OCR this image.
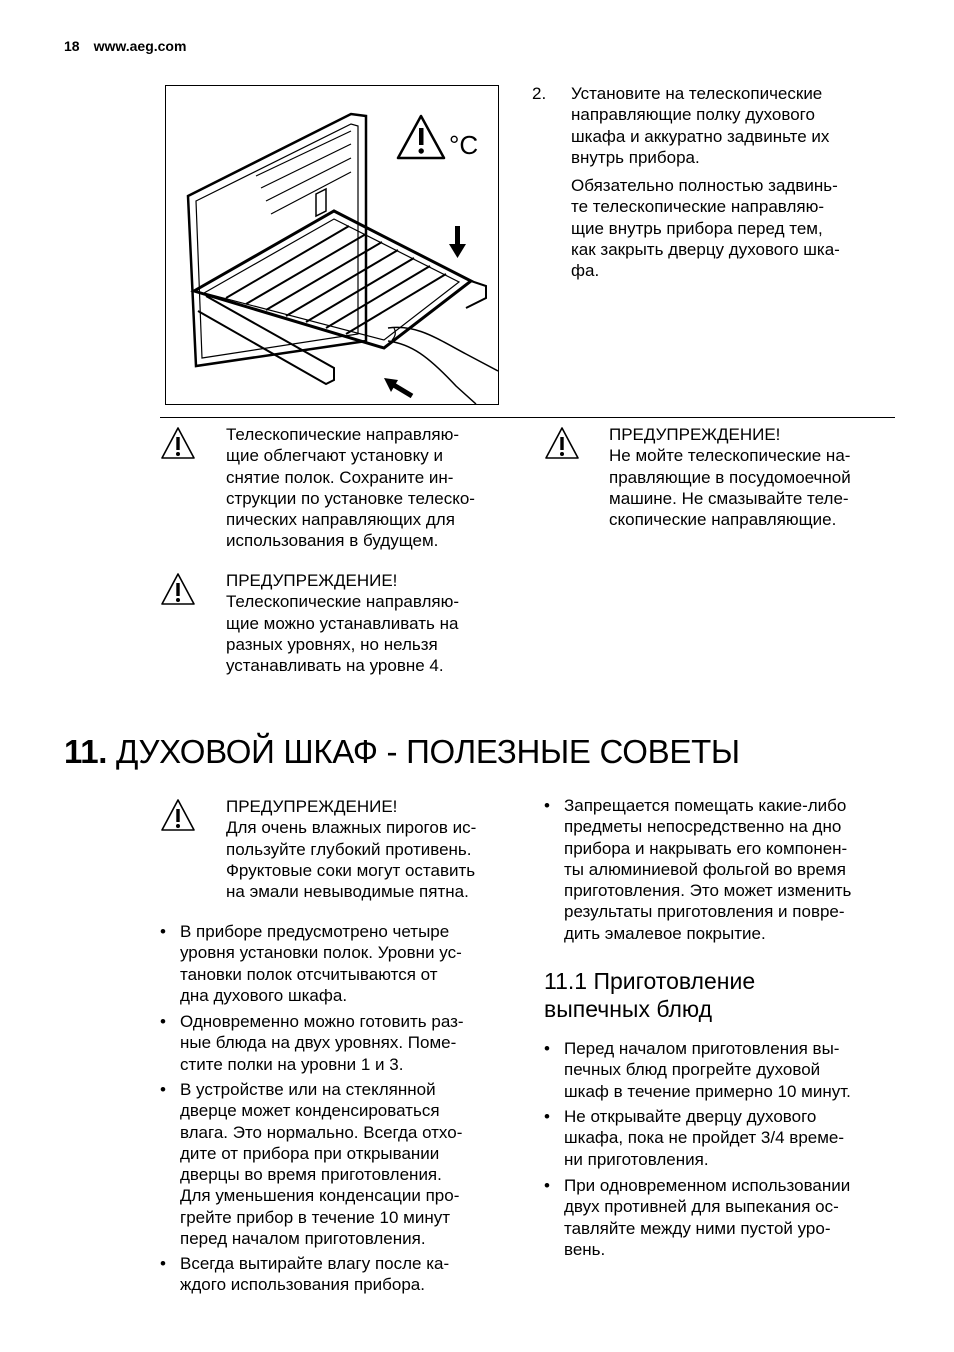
18 www.aeg.com
°C
2. Установите на телескопические
направляющие полку духового
шкафа и аккуратно задвиньте их
внутрь прибора.
Обязательно полностью задвинь-
те телескопические направляю-
щие внутрь прибора перед тем,
как закрыть дверцу духового шка-
фа.
Телескопические направляю-
щие облегчают установку и
снятие полок. Сохраните ин-
струкции по установке телеско-
пических направляющих для
использования в будущем.
ПРЕДУПРЕЖДЕНИЕ!
Телескопические направляю-
щие можно устанавливать на
разных уровнях, но нельзя
устанавливать на уровне 4.
ПРЕДУПРЕЖДЕНИЕ!
Не мойте телескопические на-
правляющие в посудомоечной
машине. Не смазывайте теле-
скопические направляющие.
11. ДУХОВОЙ ШКАФ - ПОЛЕЗНЫЕ СОВЕТЫ
ПРЕДУПРЕЖДЕНИЕ!
Для очень влажных пирогов ис-
пользуйте глубокий противень.
Фруктовые соки могут оставить
на эмали невыводимые пятна.
• В приборе предусмотрено четыре
уровня установки полок. Уровни ус-
тановки полок отсчитываются от
дна духового шкафа.
• Одновременно можно готовить раз-
ные блюда на двух уровнях. Поме-
стите полки на уровни 1 и 3.
• В устройстве или на стеклянной
дверце может конденсироваться
влага. Это нормально. Всегда отхо-
дите от прибора при открывании
дверцы во время приготовления.
Для уменьшения конденсации про-
грейте прибор в течение 10 минут
перед началом приготовления.
• Всегда вытирайте влагу после ка-
ждого использования прибора.
• Запрещается помещать какие-либо
предметы непосредственно на дно
прибора и накрывать его компонен-
ты алюминиевой фольгой во время
приготовления. Это может изменить
результаты приготовления и повре-
дить эмалевое покрытие.
11.1 Приготовление
выпечных блюд
• Перед началом приготовления вы-
печных блюд прогрейте духовой
шкаф в течение примерно 10 минут.
• Не открывайте дверцу духового
шкафа, пока не пройдет 3/4 време-
ни приготовления.
• При одновременном использовании
двух противней для выпекания ос-
тавляйте между ними пустой уро-
вень.
